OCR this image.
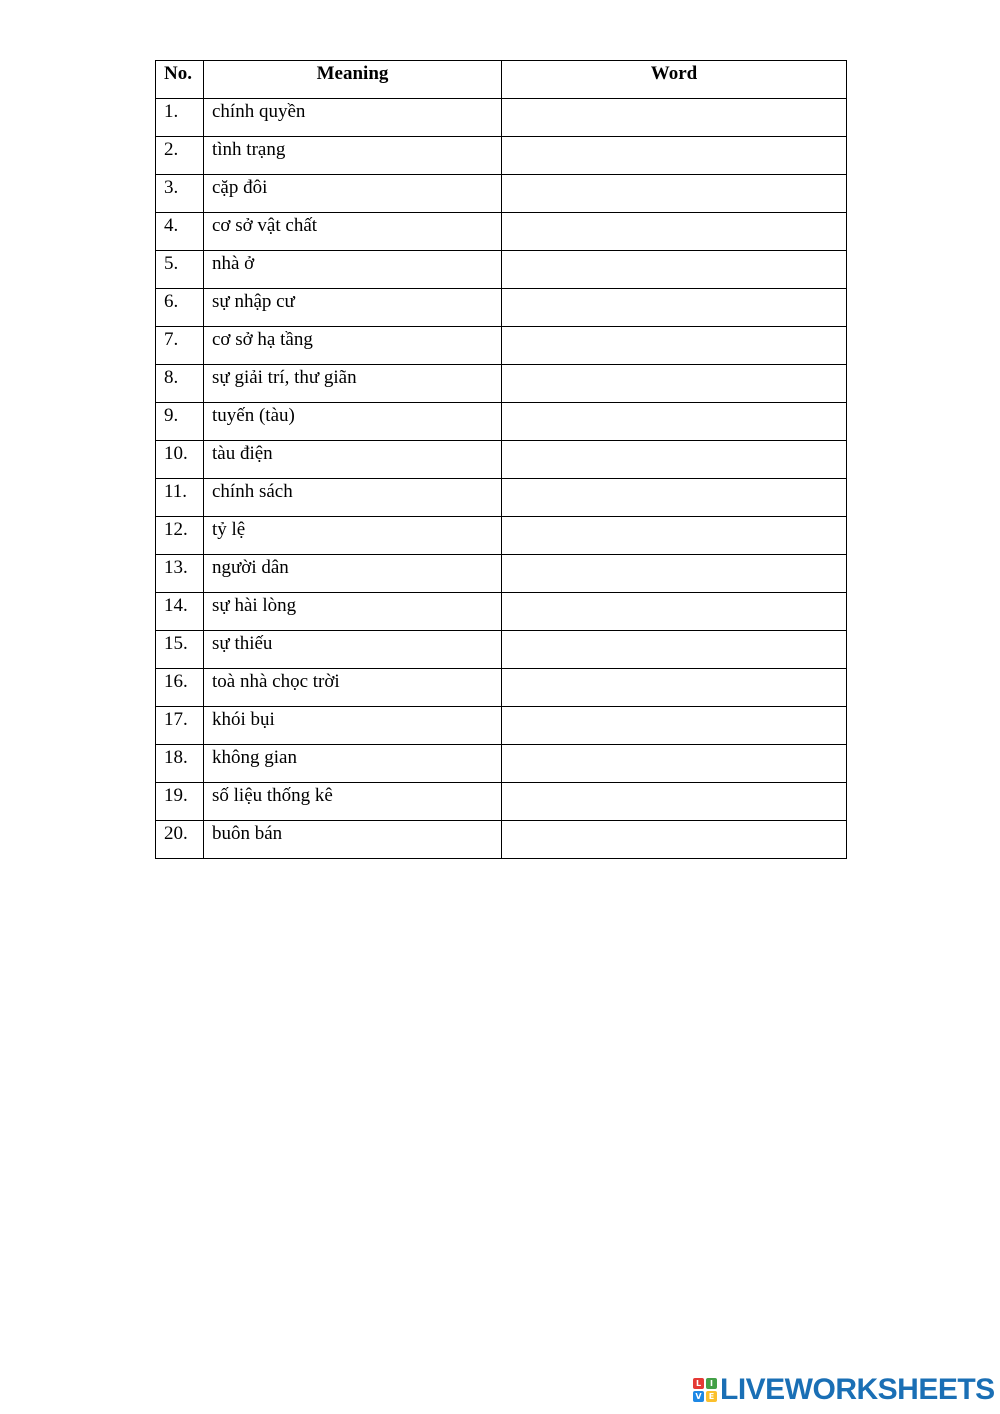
No.	Meaning	Word
1.	chính quyền	

2.	tình trạng	

3.	cặp đôi	

4.	cơ sở vật chất	

5.	nhà ở	

6.	sự nhập cư	

7.	cơ sở hạ tầng	

8.	sự giải trí, thư giãn	

9.	tuyến (tàu)	

10.	tàu điện	

11.	chính sách	

12.	tỷ lệ	

13.	người dân	

14.	sự hài lòng	

15.	sự thiếu	

16.	toà nhà chọc trời	

17.	khói bụi	

18.	không gian	

19.	số liệu thống kê	

20.	buôn bán	
L	I
V E LIVEWORKSHEETS
